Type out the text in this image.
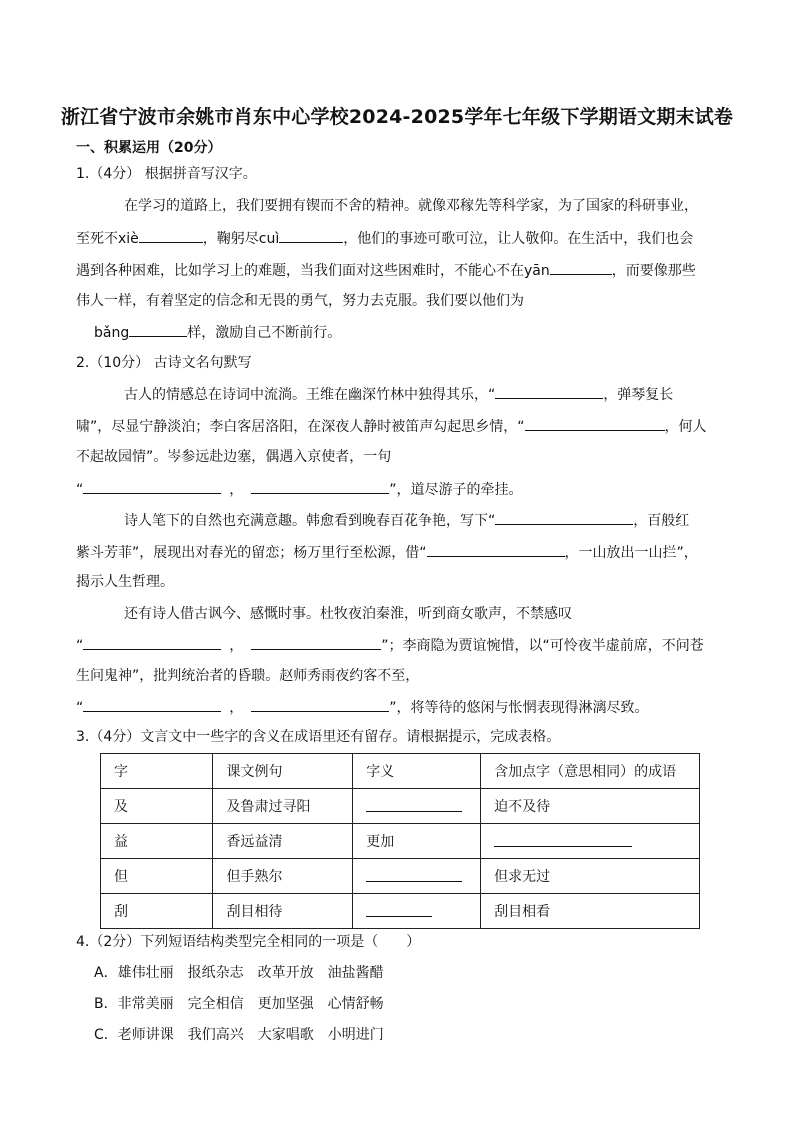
浙江省宁波市余姚市肖东中心学校2024-2025学年七年级下学期语文期末试卷
一、积累运用（20分）
1.（4分） 根据拼音写汉字。
在学习的道路上，我们要拥有锲而不舍的精神。就像邓稼先等科学家，为了国家的科研事业，
至死不xiè	，鞠躬尽cuì	，他们的事迹可歌可泣，让人敬仰。在生活中，我们也会
遇到各种困难，比如学习上的难题，当我们面对这些困难时，不能心不在yān	，而要像那些
伟人一样，有着坚定的信念和无畏的勇气，努力去克服。我们要以他们为
bǎng	样，激励自己不断前行。
2.（10分） 古诗文名句默写
古人的情感总在诗词中流淌。王维在幽深竹林中独得其乐，“	，弹琴复长
啸”，尽显宁静淡泊；李白客居洛阳，在深夜人静时被笛声勾起思乡情，“	，何人
不起故园情”。岑参远赴边塞，偶遇入京使者，一句
“	，	”，道尽游子的牵挂。
诗人笔下的自然也充满意趣。韩愈看到晚春百花争艳，写下“	，百般红
紫斗芳菲”，展现出对春光的留恋；杨万里行至松源，借“	，一山放出一山拦”，
揭示人生哲理。
还有诗人借古讽今、感慨时事。杜牧夜泊秦淮，听到商女歌声，不禁感叹
“	，	”；李商隐为贾谊惋惜，以“可怜夜半虚前席，不问苍
生问鬼神”，批判统治者的昏聩。赵师秀雨夜约客不至，
“	，	”，将等待的悠闲与怅惘表现得淋漓尽致。
3.（4分）文言文中一些字的含义在成语里还有留存。请根据提示，完成表格。
字	课文例句	字义	含加点字（意思相同）的成语
及	及鲁肃过寻阳		迫不及待
益	香远益清	更加	
但	但手熟尔		但求无过
刮	刮目相待		刮目相看
4.（2分）下列短语结构类型完全相同的一项是（　　）
A．雄伟壮丽　报纸杂志　改革开放　油盐酱醋
B．非常美丽　完全相信　更加坚强　心情舒畅
C．老师讲课　我们高兴　大家唱歌　小明进门
